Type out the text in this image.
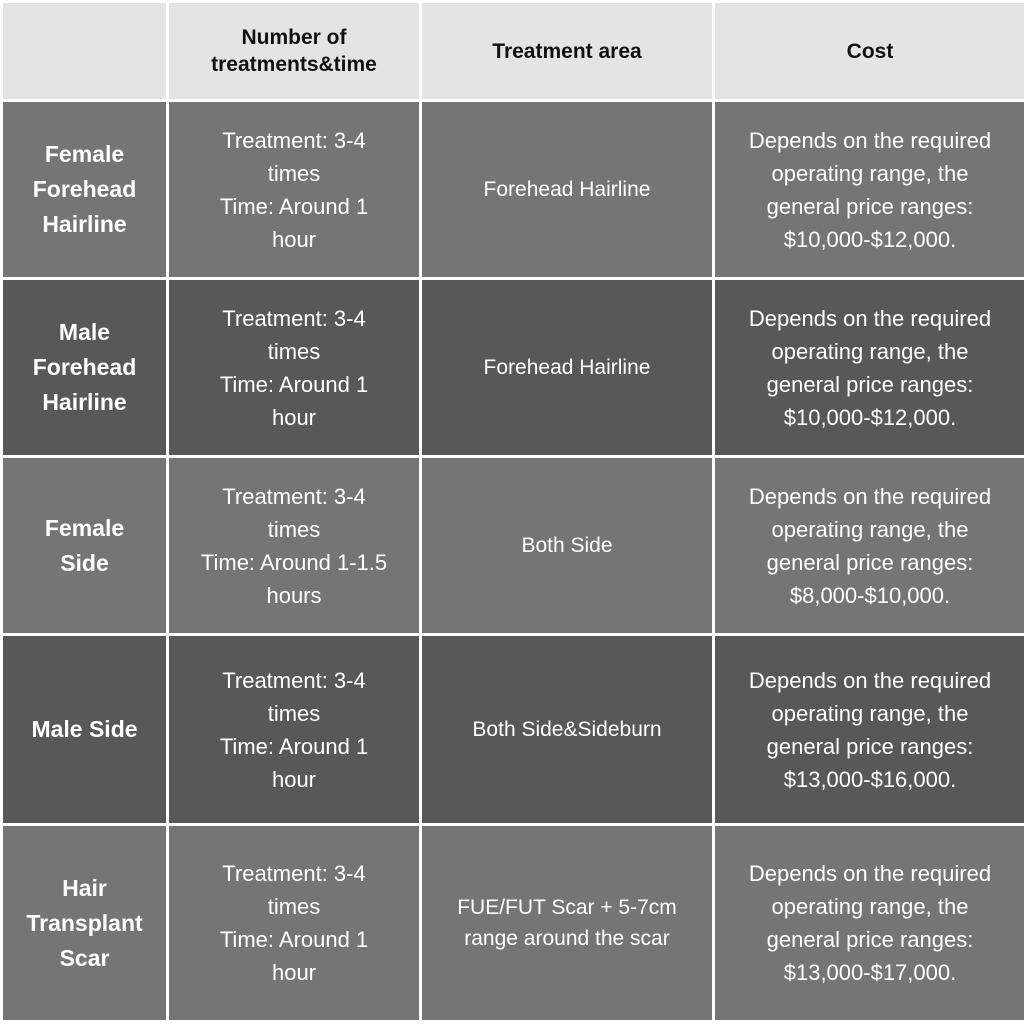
Number of
treatments&time
Treatment area	Cost
Female
Forehead
Hairline
Treatment: 3-4
times
Time: Around 1
hour
Forehead Hairline
Depends on the required
operating range, the
general price ranges:
$10,000-$12,000.
Male
Forehead
Hairline
Treatment: 3-4
times
Time: Around 1
hour
Forehead Hairline
Depends on the required
operating range, the
general price ranges:
$10,000-$12,000.
Female
Side
Treatment: 3-4
times
Time: Around 1-1.5
hours
Both Side
Depends on the required
operating range, the
general price ranges:
$8,000-$10,000.
Male Side
Treatment: 3-4
times
Time: Around 1
hour
Both Side&Sideburn
Depends on the required
operating range, the
general price ranges:
$13,000-$16,000.
Hair
Transplant
Scar
Treatment: 3-4
times
Time: Around 1
hour
FUE/FUT Scar + 5-7cm
range around the scar
Depends on the required
operating range, the
general price ranges:
$13,000-$17,000.
